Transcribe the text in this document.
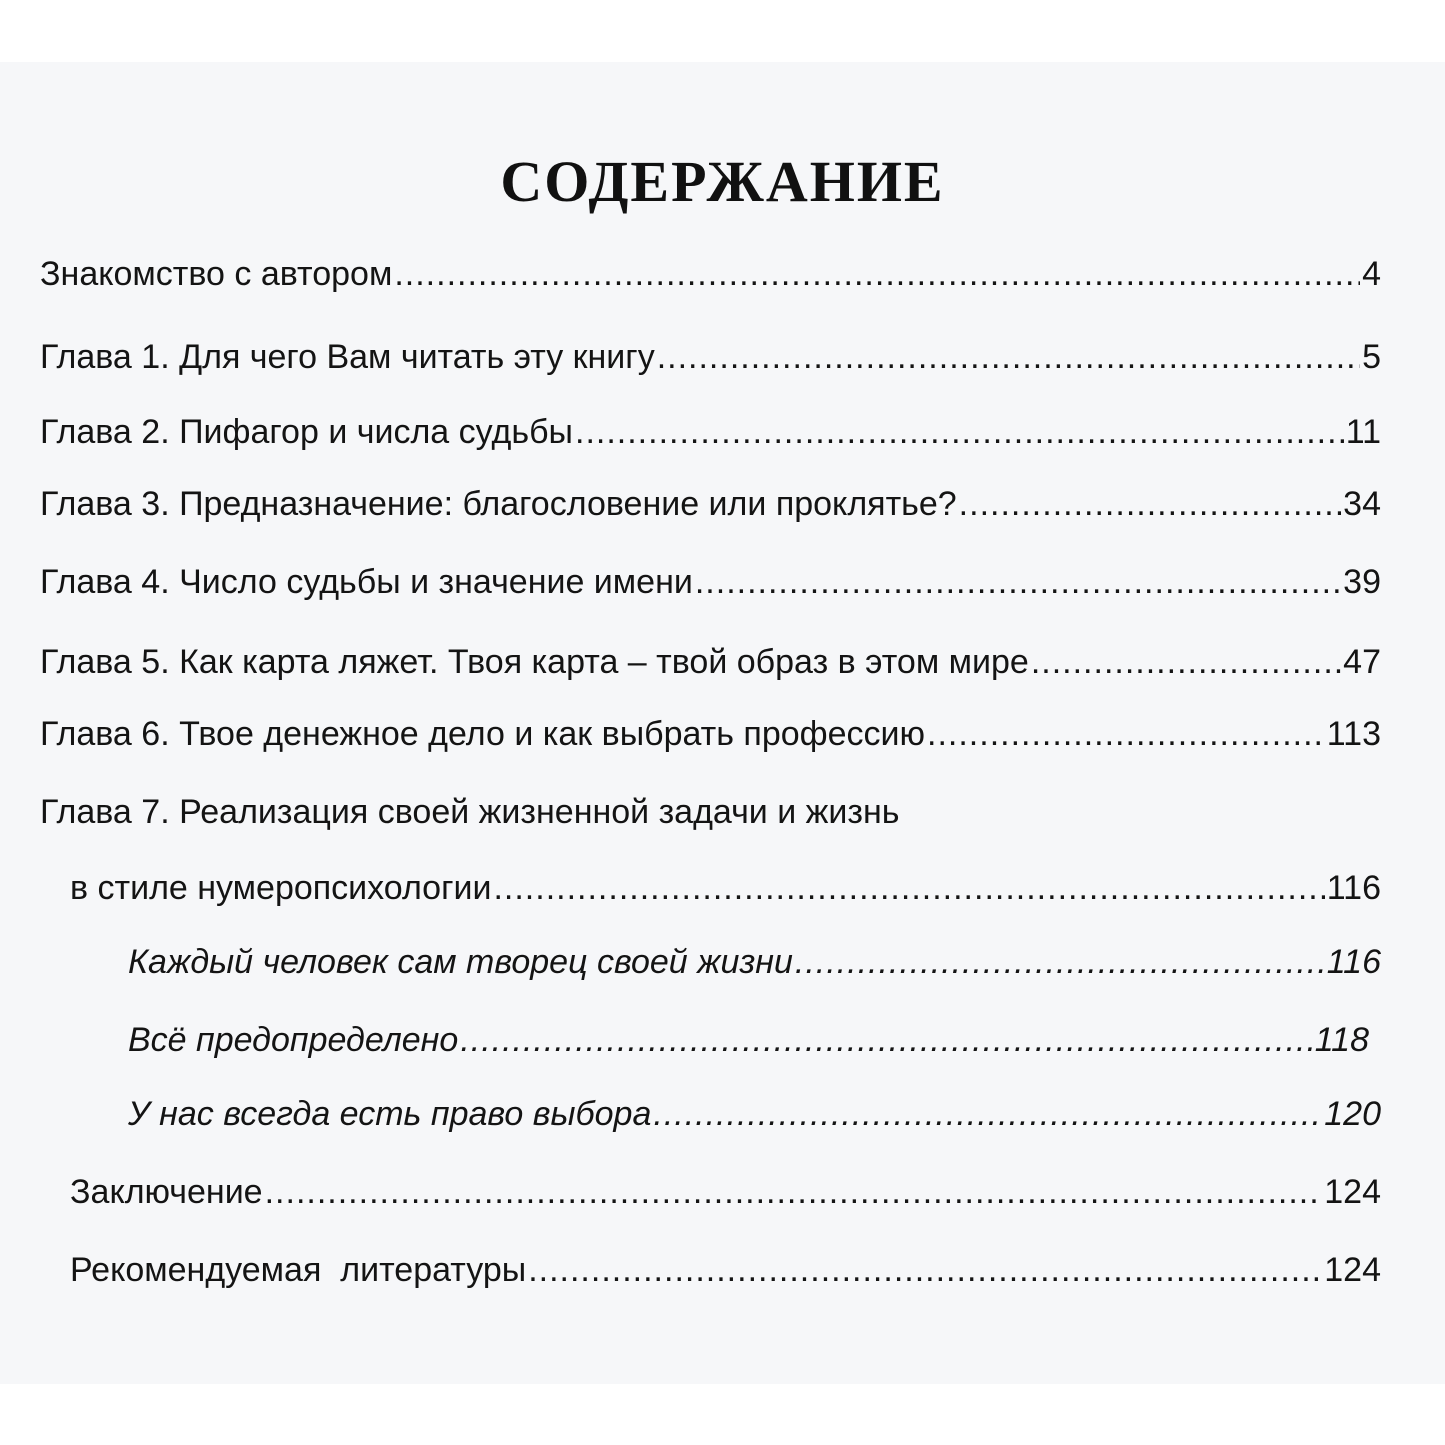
СОДЕРЖАНИЕ
Знакомство с автором .....	4
Глава 1. Для чего Вам читать эту книгу .....	5
Глава 2. Пифагор и числа судьбы .....	11
Глава 3. Предназначение: благословение или проклятье? .....	34
Глава 4. Число судьбы и значение имени .....	39
Глава 5. Как карта ляжет. Твоя карта – твой образ в этом мире .....	47
Глава 6. Твое денежное дело и как выбрать профессию .....	113
Глава 7. Реализация своей жизненной задачи и жизнь
в стиле нумеропсихологии .....	116
Каждый человек сам творец своей жизни .....	116
Всё предопределено .....	118
У нас всегда есть право выбора .....	120
Заключение .....	124
Рекомендуемая  литературы .....	124
